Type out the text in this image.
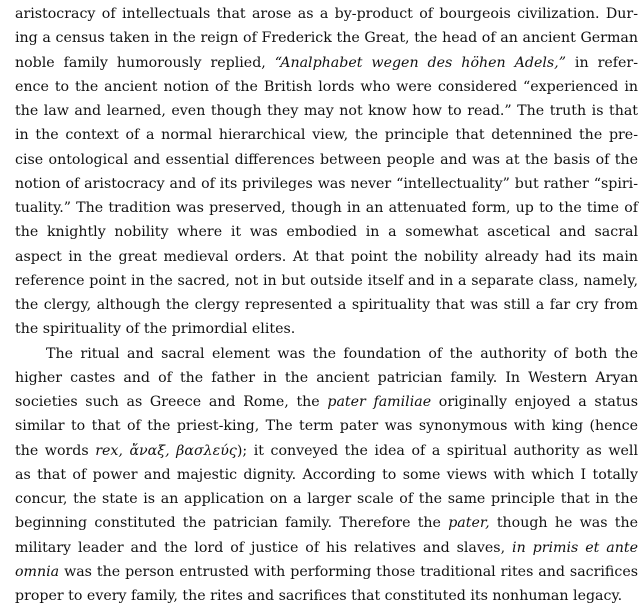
aristocracy of intellectuals that arose as a by-product of bourgeois civilization. Dur-
ing a census taken in the reign of Frederick the Great, the head of an ancient German
noble family humorously replied, “Analphabet wegen des höhen Adels,” in refer-
ence to the ancient notion of the British lords who were considered “experienced in
the law and learned, even though they may not know how to read.” The truth is that
in the context of a normal hierarchical view, the principle that detennined the pre-
cise ontological and essential differences between people and was at the basis of the
notion of aristocracy and of its privileges was never “intellectuality” but rather “spiri-
tuality.” The tradition was preserved, though in an attenuated form, up to the time of
the knightly nobility where it was embodied in a somewhat ascetical and sacral
aspect in the great medieval orders. At that point the nobility already had its main
reference point in the sacred, not in but outside itself and in a separate class, namely,
the clergy, although the clergy represented a spirituality that was still a far cry from
the spirituality of the primordial elites.
The ritual and sacral element was the foundation of the authority of both the
higher castes and of the father in the ancient patrician family. In Western Aryan
societies such as Greece and Rome, the pater familiae originally enjoyed a status
similar to that of the priest-king, The term pater was synonymous with king (hence
the words rex, ἄναξ, βασλεύς); it conveyed the idea of a spiritual authority as well
as that of power and majestic dignity. According to some views with which I totally
concur, the state is an application on a larger scale of the same principle that in the
beginning constituted the patrician family. Therefore the pater, though he was the
military leader and the lord of justice of his relatives and slaves, in primis et ante
omnia was the person entrusted with performing those traditional rites and sacrifices
proper to every family, the rites and sacrifices that constituted its nonhuman legacy.
